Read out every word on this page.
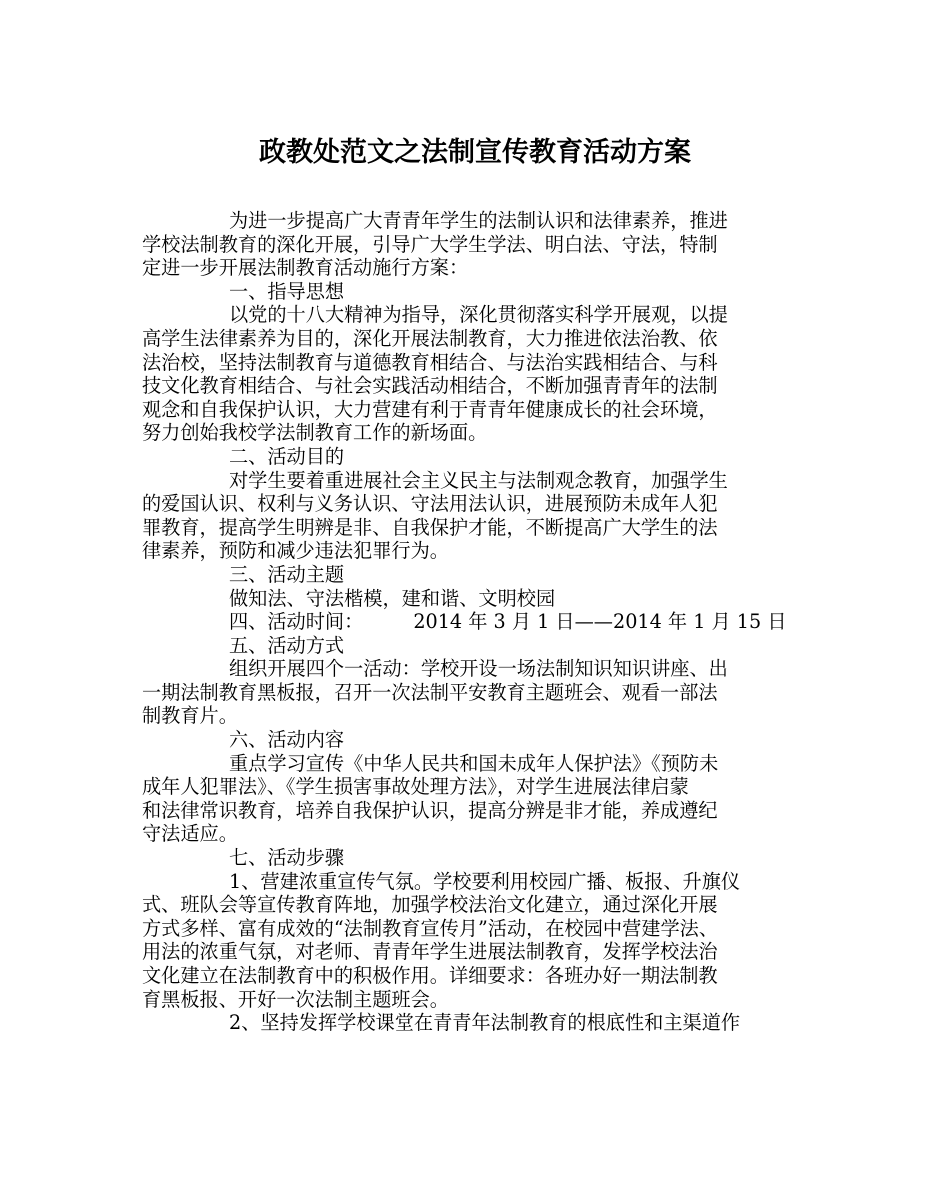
政教处范文之法制宣传教育活动方案
为进一步提高广大青青年学生的法制认识和法律素养，推进
学校法制教育的深化开展，引导广大学生学法、明白法、守法，特制
定进一步开展法制教育活动施行方案：
一、指导思想
以党的十八大精神为指导，深化贯彻落实科学开展观，以提
高学生法律素养为目的，深化开展法制教育，大力推进依法治教、依
法治校，坚持法制教育与道德教育相结合、与法治实践相结合、与科
技文化教育相结合、与社会实践活动相结合，不断加强青青年的法制
观念和自我保护认识，大力营建有利于青青年健康成长的社会环境，
努力创始我校学法制教育工作的新场面。
二、活动目的
对学生要着重进展社会主义民主与法制观念教育，加强学生
的爱国认识、权利与义务认识、守法用法认识，进展预防未成年人犯
罪教育，提高学生明辨是非、自我保护才能，不断提高广大学生的法
律素养，预防和减少违法犯罪行为。
三、活动主题
做知法、守法楷模，建和谐、文明校园
四、活动时间：	2014 年 3 月 1 日——2014 年 1 月 15 日
五、活动方式
组织开展四个一活动：学校开设一场法制知识知识讲座、出
一期法制教育黑板报，召开一次法制平安教育主题班会、观看一部法
制教育片。
六、活动内容
重点学习宣传《中华人民共和国未成年人保护法》《预防未
成年人犯罪法》、《学生损害事故处理方法》，对学生进展法律启蒙
和法律常识教育，培养自我保护认识，提高分辨是非才能，养成遵纪
守法适应。
七、活动步骤
1、营建浓重宣传气氛。学校要利用校园广播、板报、升旗仪
式、班队会等宣传教育阵地，加强学校法治文化建立，通过深化开展
方式多样、富有成效的“法制教育宣传月”活动，在校园中营建学法、
用法的浓重气氛，对老师、青青年学生进展法制教育，发挥学校法治
文化建立在法制教育中的积极作用。详细要求：各班办好一期法制教
育黑板报、开好一次法制主题班会。
2、坚持发挥学校课堂在青青年法制教育的根底性和主渠道作
